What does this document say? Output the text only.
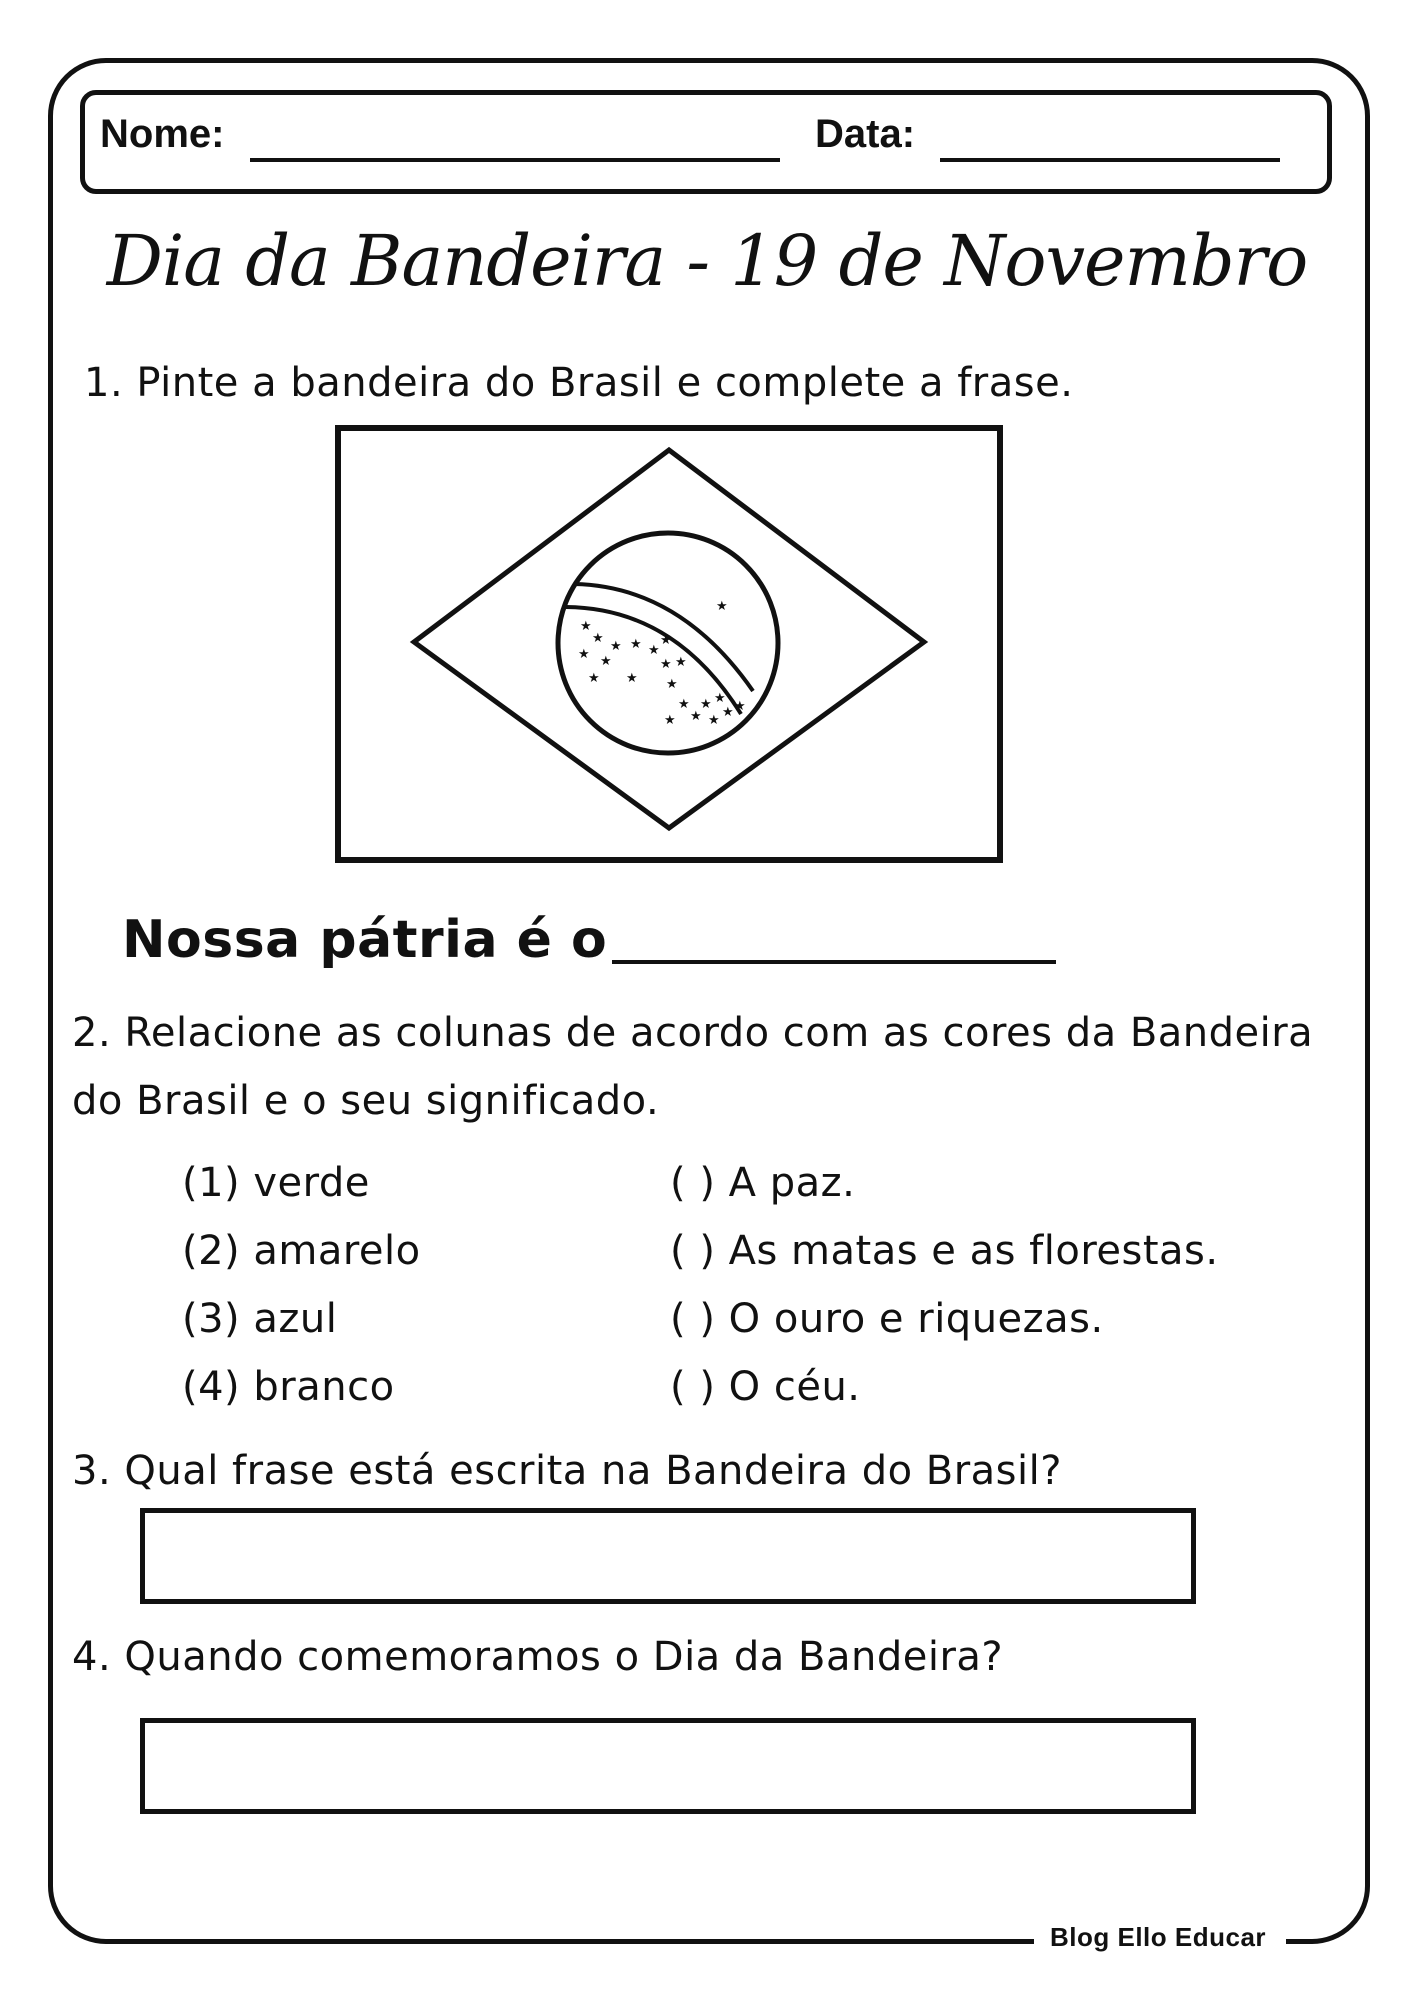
Blog Ello Educar
Nome:	Data:
Dia da Bandeira - 19 de Novembro
1. Pinte a bandeira do Brasil e complete a frase.
★
★
★
★
★ ★
★ ★
★
★ ★
★ ★ ★
★ ★ ★
★ ★
★ ★
★
Nossa pátria é o
2. Relacione as colunas de acordo com as cores da Bandeira
do Brasil e o seu significado.
(1) verde
(2) amarelo
(3) azul
(4) branco
( ) A paz.
( ) As matas e as florestas.
( ) O ouro e riquezas.
( ) O céu.
3. Qual frase está escrita na Bandeira do Brasil?
4. Quando comemoramos o Dia da Bandeira?
